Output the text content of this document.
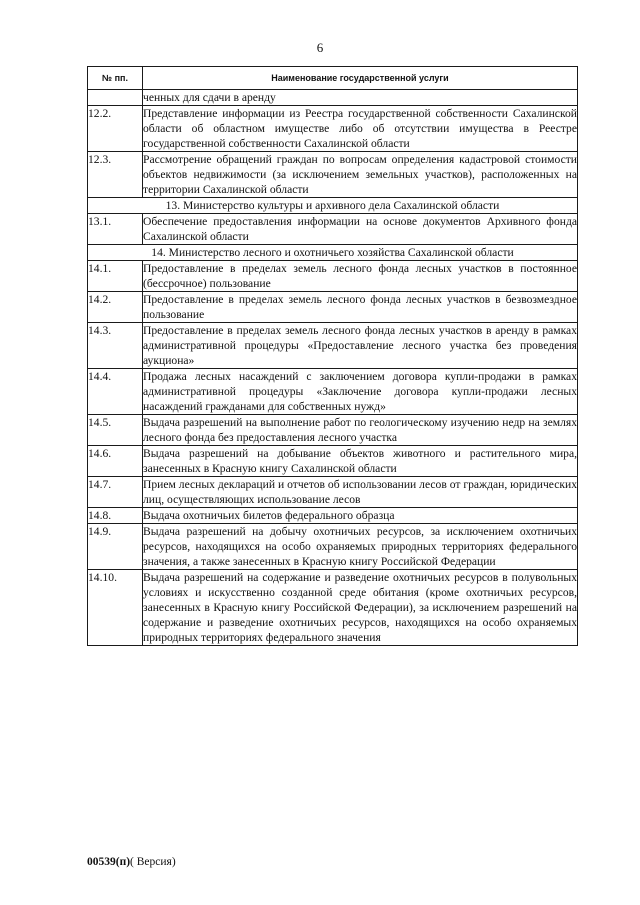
6
№ пп.	Наименование государственной услуги
	ченных для сдачи в аренду
12.2.	Представление информации из Реестра государственной собственности Сахалинской области об областном имуществе либо об отсутствии имущества в Реестре государственной собственности Сахалинской области
12.3.	Рассмотрение обращений граждан по вопросам определения кадастровой стоимости объектов недвижимости (за исключением земельных участков), расположенных на территории Сахалинской области
13. Министерство культуры и архивного дела Сахалинской области	
13.1.	Обеспечение предоставления информации на основе документов Архивного фонда Сахалинской области
14. Министерство лесного и охотничьего хозяйства Сахалинской области	
14.1.	Предоставление в пределах земель лесного фонда лесных участков в постоянное (бессрочное) пользование
14.2.	Предоставление в пределах земель лесного фонда лесных участков в безвозмездное пользование
14.3.	Предоставление в пределах земель лесного фонда лесных участков в аренду в рамках административной процедуры «Предоставление лесного участка без проведения аукциона»
14.4.	Продажа лесных насаждений с заключением договора купли-продажи в рамках административной процедуры «Заключение договора купли-продажи лесных насаждений гражданами для собственных нужд»
14.5.	Выдача разрешений на выполнение работ по геологическому изучению недр на землях лесного фонда без предоставления лесного участка
14.6.	Выдача разрешений на добывание объектов животного и растительного мира, занесенных в Красную книгу Сахалинской области
14.7.	Прием лесных деклараций и отчетов об использовании лесов от граждан, юридических лиц, осуществляющих использование лесов
14.8.	Выдача охотничьих билетов федерального образца
14.9.	Выдача разрешений на добычу охотничьих ресурсов, за исключением охотничьих ресурсов, находящихся на особо охраняемых природных территориях федерального значения, а также занесенных в Красную книгу Российской Федерации
14.10.	Выдача разрешений на содержание и разведение охотничьих ресурсов в полувольных условиях и искусственно созданной среде обитания (кроме охотничьих ресурсов, занесенных в Красную книгу Российской Федерации), за исключением разрешений на содержание и разведение охотничьих ресурсов, находящихся на особо охраняемых природных территориях федерального значения
00539(п)( Версия)
